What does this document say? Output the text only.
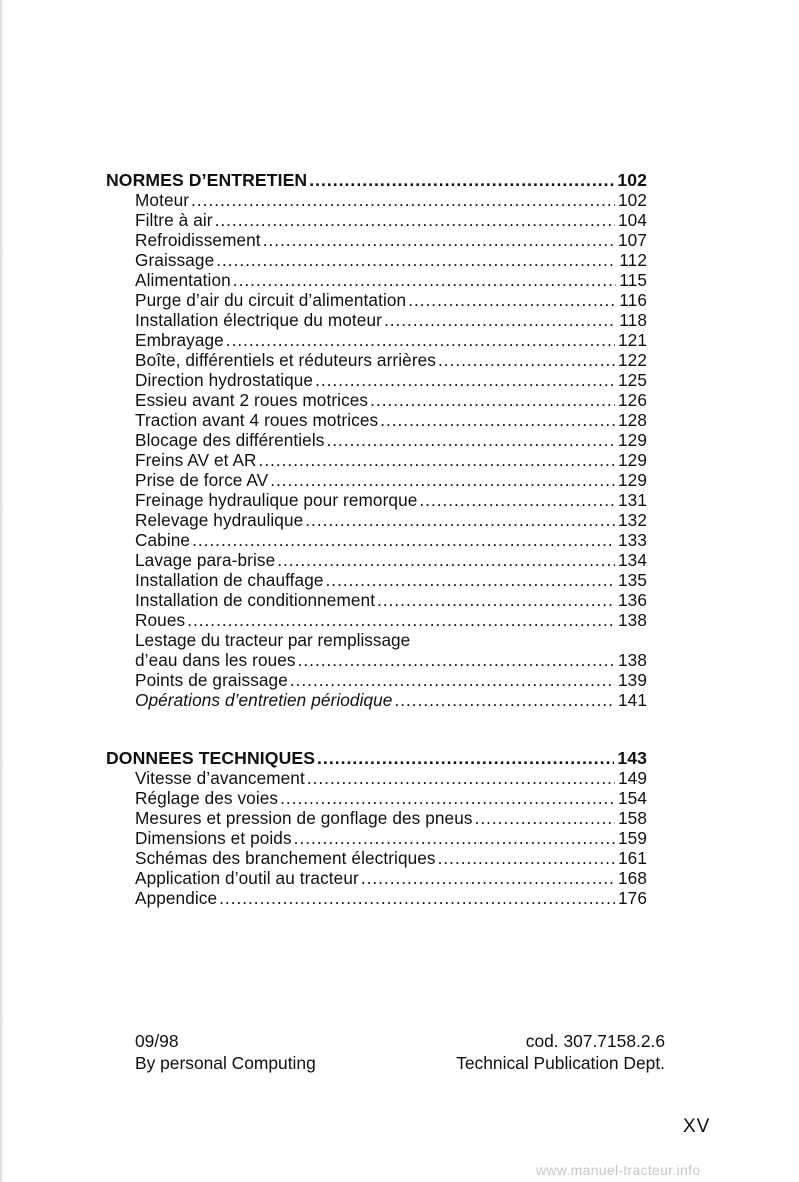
NORMES D’ENTRETIEN .....	102
Moteur .....	102
Filtre à air .....	104
Refroidissement .....	107
Graissage .....	112
Alimentation .....	115
Purge d’air du circuit d’alimentation .....	116
Installation électrique du moteur .....	118
Embrayage .....	121
Boîte, différentiels et réduteurs arrières .....	122
Direction hydrostatique .....	125
Essieu avant 2 roues motrices .....	126
Traction avant 4 roues motrices .....	128
Blocage des différentiels .....	129
Freins AV et AR .....	129
Prise de force AV .....	129
Freinage hydraulique pour remorque .....	131
Relevage hydraulique .....	132
Cabine .....	133
Lavage para-brise .....	134
Installation de chauffage .....	135
Installation de conditionnement .....	136
Roues .....	138
Lestage du tracteur par remplissage
d’eau dans les roues .....	138
Points de graissage .....	139
Opérations d’entretien périodique .....	141
DONNEES TECHNIQUES .....	143
Vitesse d’avancement .....	149
Réglage des voies .....	154
Mesures et pression de gonflage des pneus .....	158
Dimensions et poids .....	159
Schémas des branchement électriques .....	161
Application d’outil au tracteur .....	168
Appendice .....	176
09/98
By personal Computing
cod. 307.7158.2.6
Technical Publication Dept.
XV
www.manuel-tracteur.info
